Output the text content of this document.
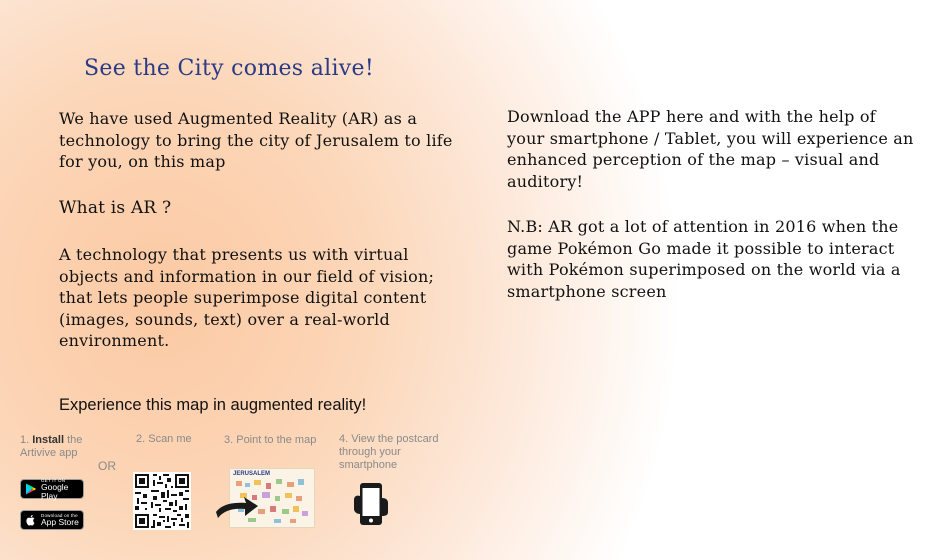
See the City comes alive!

We have used Augmented Reality (AR) as a technology to bring the city of Jerusalem to life for you, on this map

What is AR ?

A technology that presents us with virtual objects and information in our field of vision; that lets people superimpose digital content (images, sounds, text) over a real-world environment.

Download the APP here and with the help of your smartphone / Tablet, you will experience an enhanced perception of the map – visual and auditory!

N.B: AR got a lot of attention in 2016 when the game Pokémon Go made it possible to interact with Pokémon superimposed on the world via a smartphone screen

Experience this map in augmented reality!
1. Install the Artivive app
OR
2. Scan me	3. Point to the map 4. View the postcard through your smartphone
GET IT ON
Google Play
Download on the
App Store
JERUSALEM
